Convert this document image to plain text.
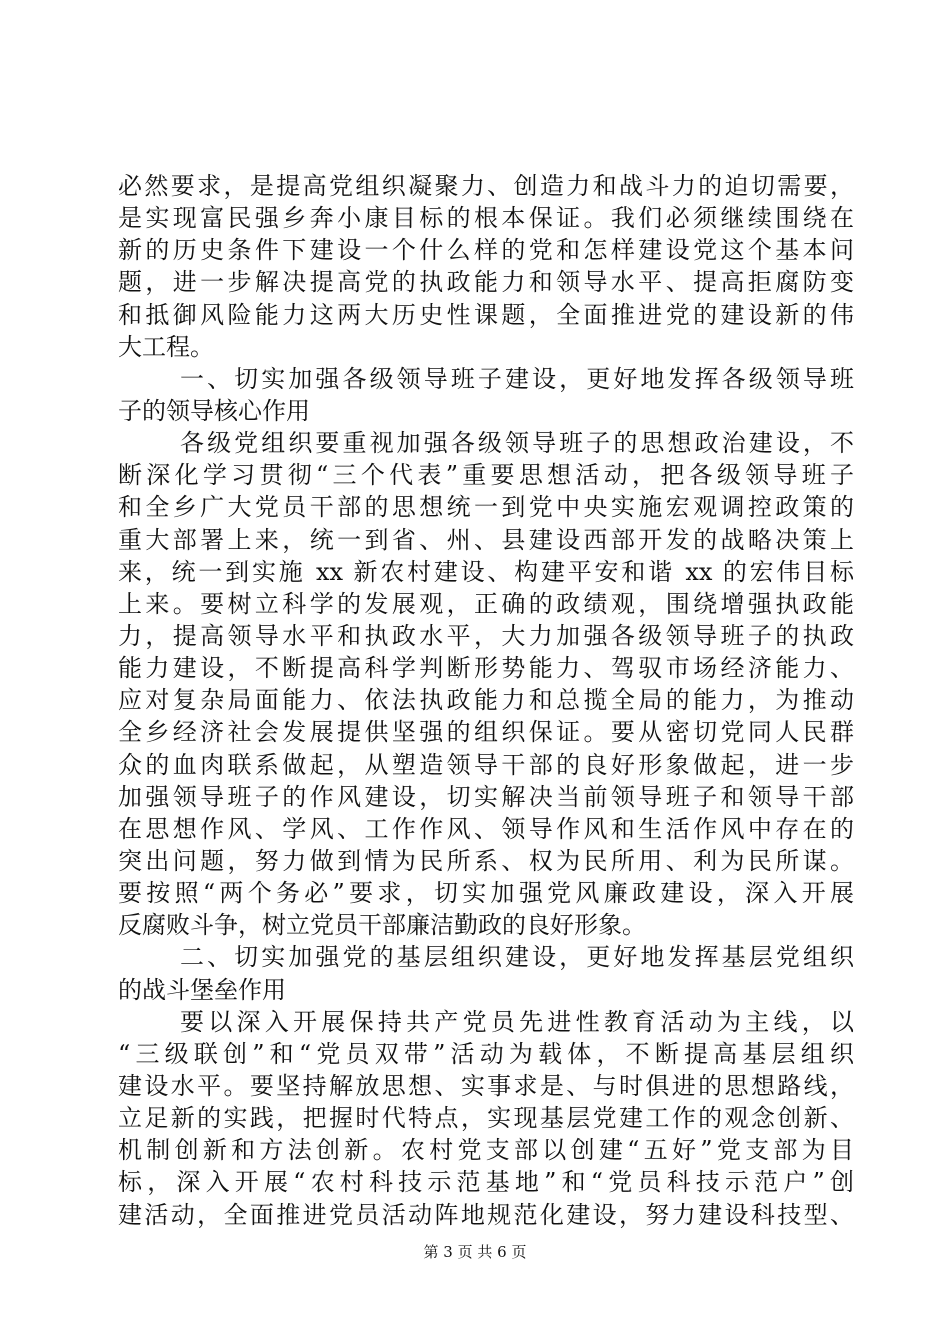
必然要求，是提高党组织凝聚力、创造力和战斗力的迫切需要，
是实现富民强乡奔小康目标的根本保证。我们必须继续围绕在
新的历史条件下建设一个什么样的党和怎样建设党这个基本问
题，进一步解决提高党的执政能力和领导水平、提高拒腐防变
和抵御风险能力这两大历史性课题，全面推进党的建设新的伟
大工程。
一、切实加强各级领导班子建设，更好地发挥各级领导班
子的领导核心作用
各级党组织要重视加强各级领导班子的思想政治建设，不
断深化学习贯彻“三个代表”重要思想活动，把各级领导班子
和全乡广大党员干部的思想统一到党中央实施宏观调控政策的
重大部署上来，统一到省、州、县建设西部开发的战略决策上
来，统一到实施 xx 新农村建设、构建平安和谐 xx 的宏伟目标
上来。要树立科学的发展观，正确的政绩观，围绕增强执政能
力，提高领导水平和执政水平，大力加强各级领导班子的执政
能力建设，不断提高科学判断形势能力、驾驭市场经济能力、
应对复杂局面能力、依法执政能力和总揽全局的能力，为推动
全乡经济社会发展提供坚强的组织保证。要从密切党同人民群
众的血肉联系做起，从塑造领导干部的良好形象做起，进一步
加强领导班子的作风建设，切实解决当前领导班子和领导干部
在思想作风、学风、工作作风、领导作风和生活作风中存在的
突出问题，努力做到情为民所系、权为民所用、利为民所谋。
要按照“两个务必”要求，切实加强党风廉政建设，深入开展
反腐败斗争，树立党员干部廉洁勤政的良好形象。
二、切实加强党的基层组织建设，更好地发挥基层党组织
的战斗堡垒作用
要以深入开展保持共产党员先进性教育活动为主线，以
“三级联创”和“党员双带”活动为载体，不断提高基层组织
建设水平。要坚持解放思想、实事求是、与时俱进的思想路线，
立足新的实践，把握时代特点，实现基层党建工作的观念创新、
机制创新和方法创新。农村党支部以创建“五好”党支部为目
标，深入开展“农村科技示范基地”和“党员科技示范户”创
建活动，全面推进党员活动阵地规范化建设，努力建设科技型、
第 3 页 共 6 页
